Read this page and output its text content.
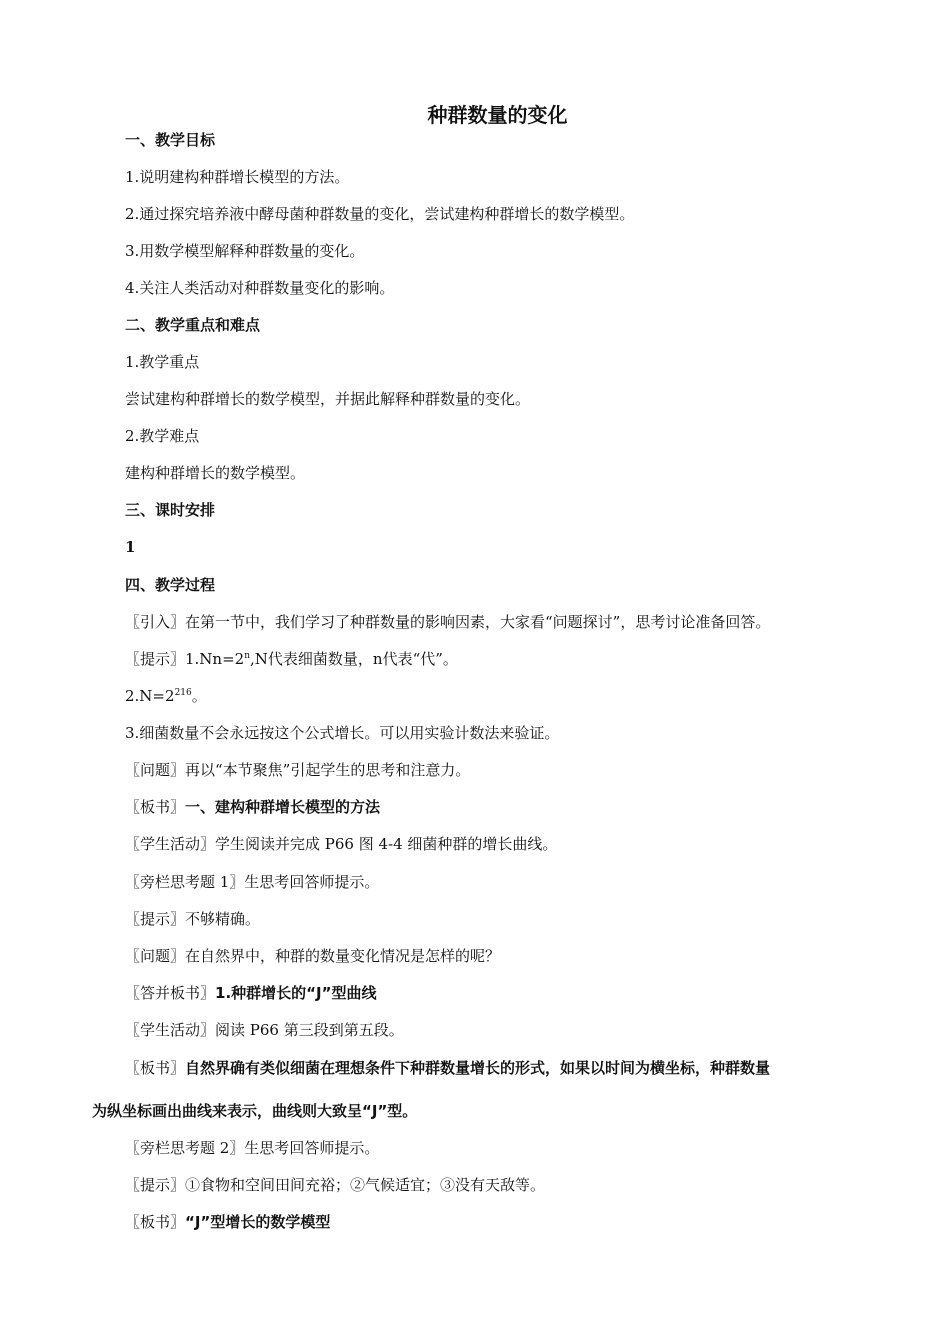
种群数量的变化
一、教学目标
1.说明建构种群增长模型的方法。
2.通过探究培养液中酵母菌种群数量的变化，尝试建构种群增长的数学模型。
3.用数学模型解释种群数量的变化。
4.关注人类活动对种群数量变化的影响。
二、教学重点和难点
1.教学重点
尝试建构种群增长的数学模型，并据此解释种群数量的变化。
2.教学难点
建构种群增长的数学模型。
三、课时安排
1
四、教学过程
〖引入〗在第一节中，我们学习了种群数量的影响因素，大家看“问题探讨”，思考讨论准备回答。
〖提示〗$1.Nn=2^n,N$代表细菌数量，n代表“代”。
$2.N=2^{216}$。
3.细菌数量不会永远按这个公式增长。可以用实验计数法来验证。
〖问题〗再以“本节聚焦”引起学生的思考和注意力。
〖板书〗一、建构种群增长模型的方法
〖学生活动〗学生阅读并完成 P66 图 4-4 细菌种群的增长曲线。
〖旁栏思考题 1〗生思考回答师提示。
〖提示〗不够精确。
〖问题〗在自然界中，种群的数量变化情况是怎样的呢？
〖答并板书〗1.种群增长的“J”型曲线
〖学生活动〗阅读 P66 第三段到第五段。
〖板书〗自然界确有类似细菌在理想条件下种群数量增长的形式，如果以时间为横坐标，种群数量
为纵坐标画出曲线来表示，曲线则大致呈“J”型。
〖旁栏思考题 2〗生思考回答师提示。
〖提示〗①食物和空间田间充裕；②气候适宜；③没有天敌等。
〖板书〗“J”型增长的数学模型
